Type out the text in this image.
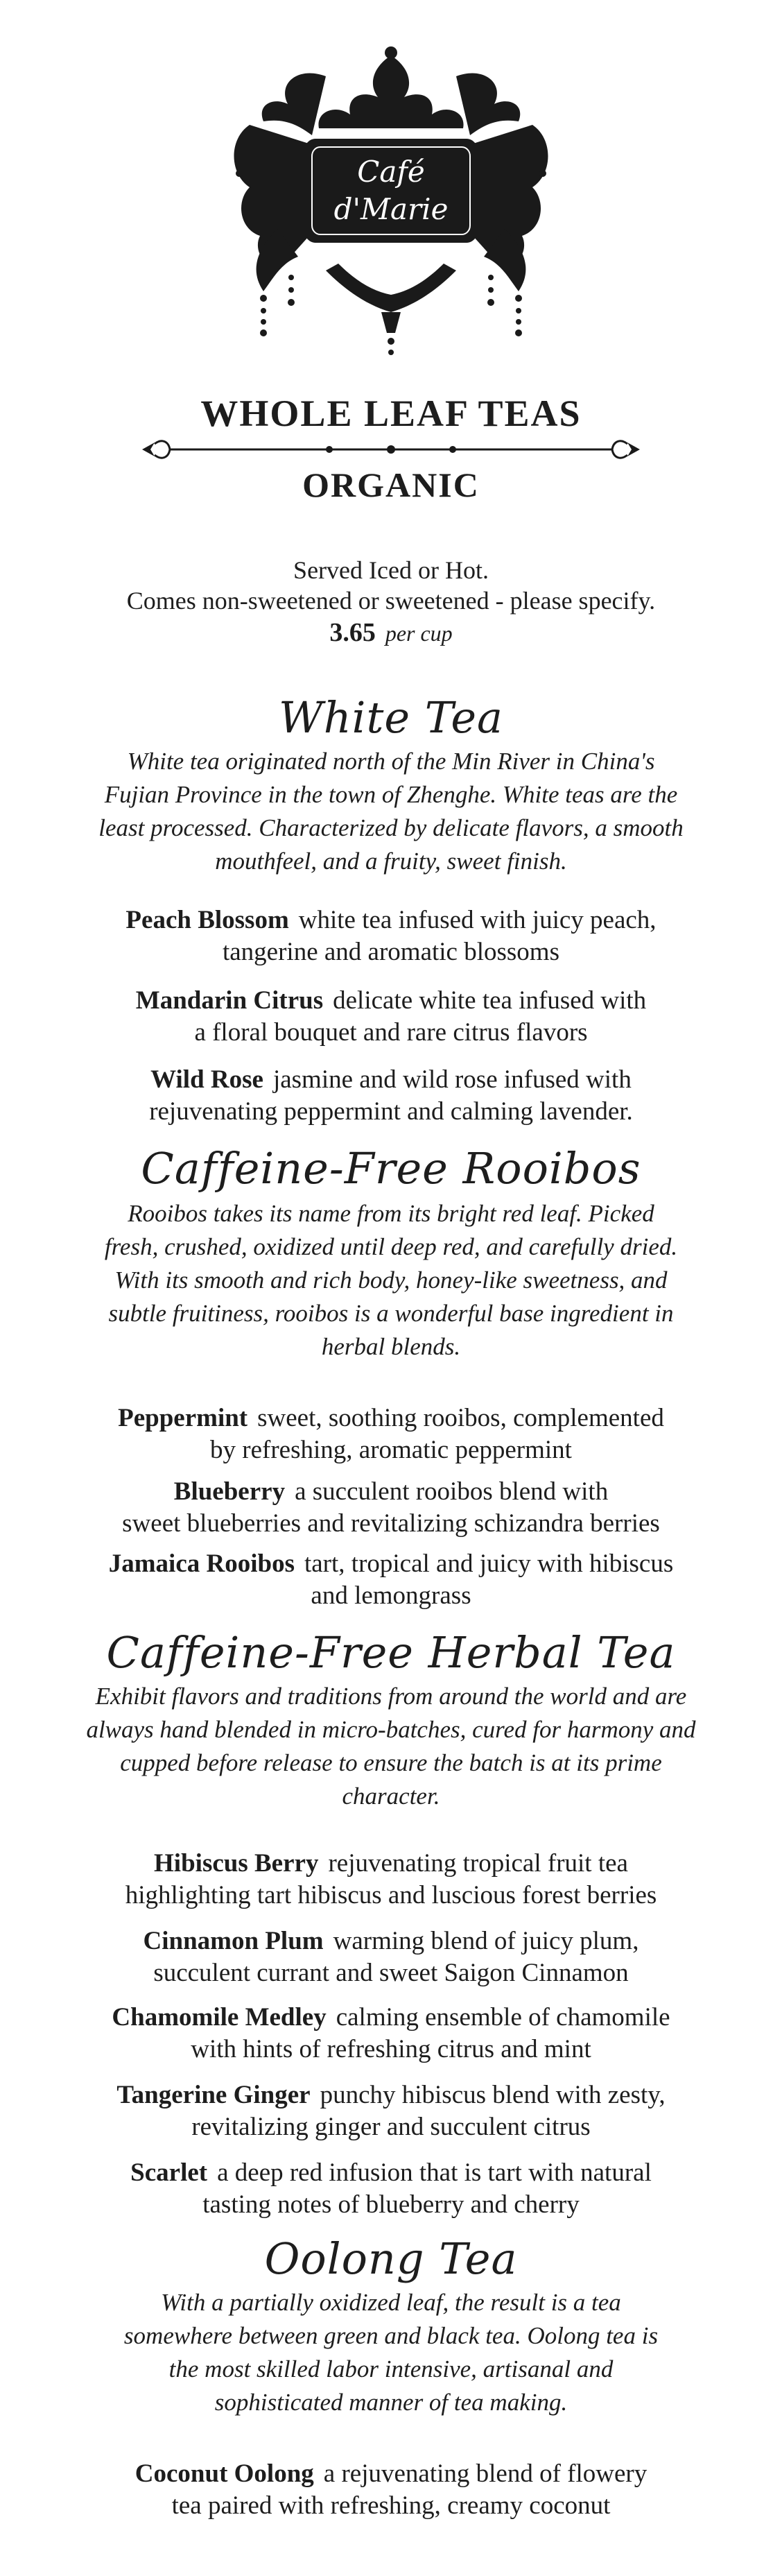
Café
d'Marie
WHOLE LEAF TEAS
ORGANIC
Served Iced or Hot.
Comes non-sweetened or sweetened - please specify.
3.65 per cup
White Tea
White tea originated north of the Min River in China's
Fujian Province in the town of Zhenghe. White teas are the
least processed. Characterized by delicate flavors, a smooth
mouthfeel, and a fruity, sweet finish.
Peach Blossom white tea infused with juicy peach,
tangerine and aromatic blossoms
Mandarin Citrus delicate white tea infused with
a floral bouquet and rare citrus flavors
Wild Rose jasmine and wild rose infused with
rejuvenating peppermint and calming lavender.
Caffeine-Free Rooibos
Rooibos takes its name from its bright red leaf. Picked
fresh, crushed, oxidized until deep red, and carefully dried.
With its smooth and rich body, honey-like sweetness, and
subtle fruitiness, rooibos is a wonderful base ingredient in
herbal blends.
Peppermint sweet, soothing rooibos, complemented
by refreshing, aromatic peppermint
Blueberry a succulent rooibos blend with
sweet blueberries and revitalizing schizandra berries
Jamaica Rooibos tart, tropical and juicy with hibiscus
and lemongrass
Caffeine-Free Herbal Tea
Exhibit flavors and traditions from around the world and are
always hand blended in micro-batches, cured for harmony and
cupped before release to ensure the batch is at its prime
character.
Hibiscus Berry rejuvenating tropical fruit tea
highlighting tart hibiscus and luscious forest berries
Cinnamon Plum warming blend of juicy plum,
succulent currant and sweet Saigon Cinnamon
Chamomile Medley calming ensemble of chamomile
with hints of refreshing citrus and mint
Tangerine Ginger punchy hibiscus blend with zesty,
revitalizing ginger and succulent citrus
Scarlet a deep red infusion that is tart with natural
tasting notes of blueberry and cherry
Oolong Tea
With a partially oxidized leaf, the result is a tea
somewhere between green and black tea. Oolong tea is
the most skilled labor intensive, artisanal and
sophisticated manner of tea making.
Coconut Oolong a rejuvenating blend of flowery
tea paired with refreshing, creamy coconut
